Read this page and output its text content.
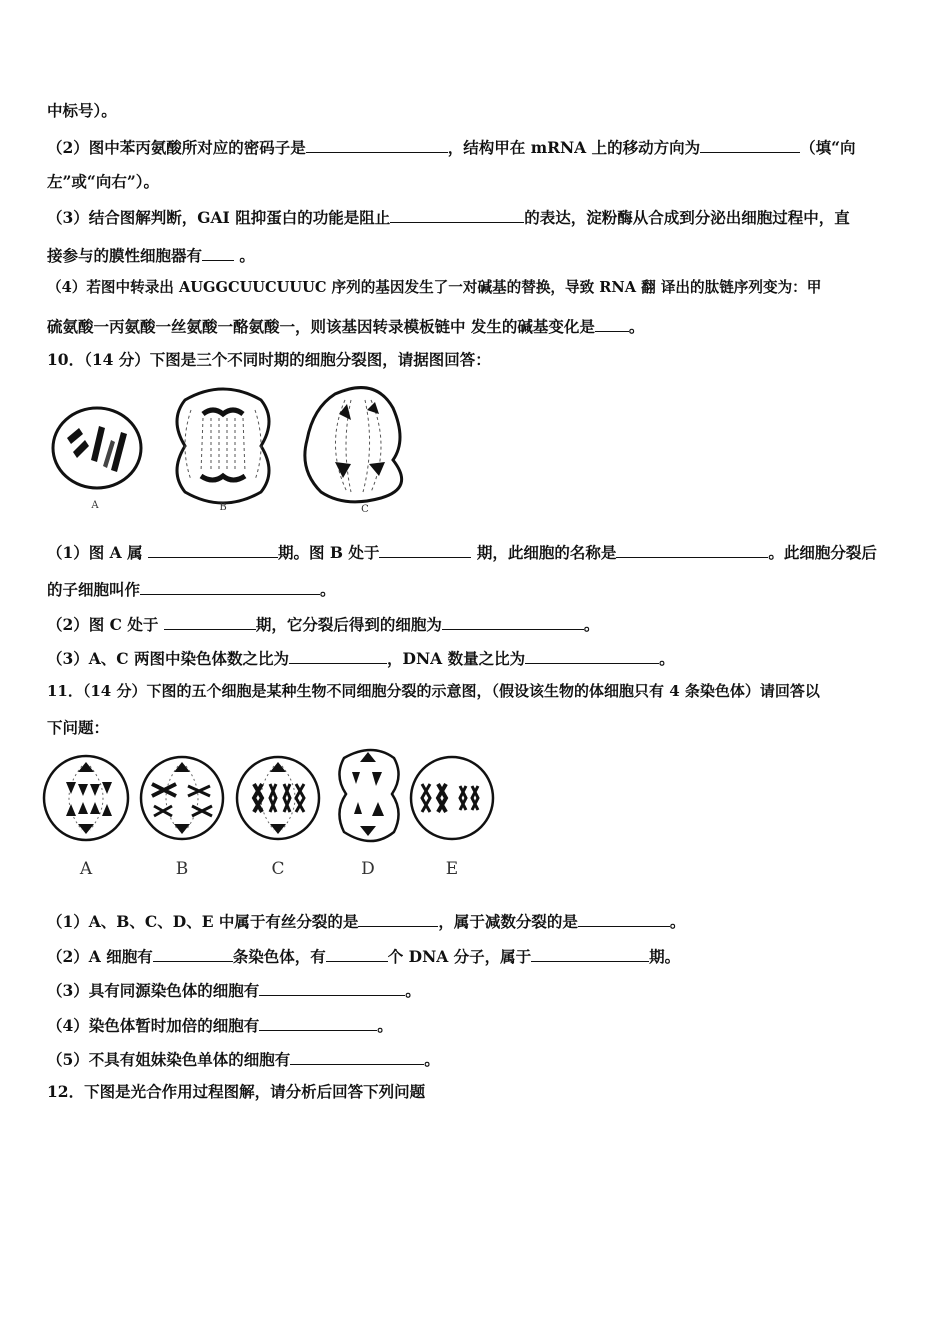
中标号）。
（2）图中苯丙氨酸所对应的密码子是	，结构甲在 mRNA 上的移动方向为	（填“向
左”或“向右”）。
（3）结合图解判断，GAI 阻抑蛋白的功能是阻止	的表达，淀粉酶从合成到分泌出细胞过程中，直
接参与的膜性细胞器有 。
（4）若图中转录出 AUGGCUUCUUUC 序列的基因发生了一对碱基的替换，导致 RNA 翻 译出的肽链序列变为：甲
硫氨酸一丙氨酸一丝氨酸一酪氨酸一，则该基因转录模板链中 发生的碱基变化是 。
10．（14 分）下图是三个不同时期的细胞分裂图，请据图回答：
A	B	C
（1）图 A 属	期。图 B 处于	期，此细胞的名称是	。此细胞分裂后
的子细胞叫作	。
（2）图 C 处于	期，它分裂后得到的细胞为	。
（3）A、C 两图中染色体数之比为	，DNA 数量之比为	。
11．（14 分）下图的五个细胞是某种生物不同细胞分裂的示意图，（假设该生物的体细胞只有 4 条染色体）请回答以
下问题：
A	B	C	D	E
（1）A、B、C、D、E 中属于有丝分裂的是	，属于减数分裂的是	。
（2）A 细胞有	条染色体，有	个 DNA 分子，属于	期。
（3）具有同源染色体的细胞有	。
（4）染色体暂时加倍的细胞有	。
（5）不具有姐妹染色单体的细胞有	。
12．下图是光合作用过程图解，请分析后回答下列问题
